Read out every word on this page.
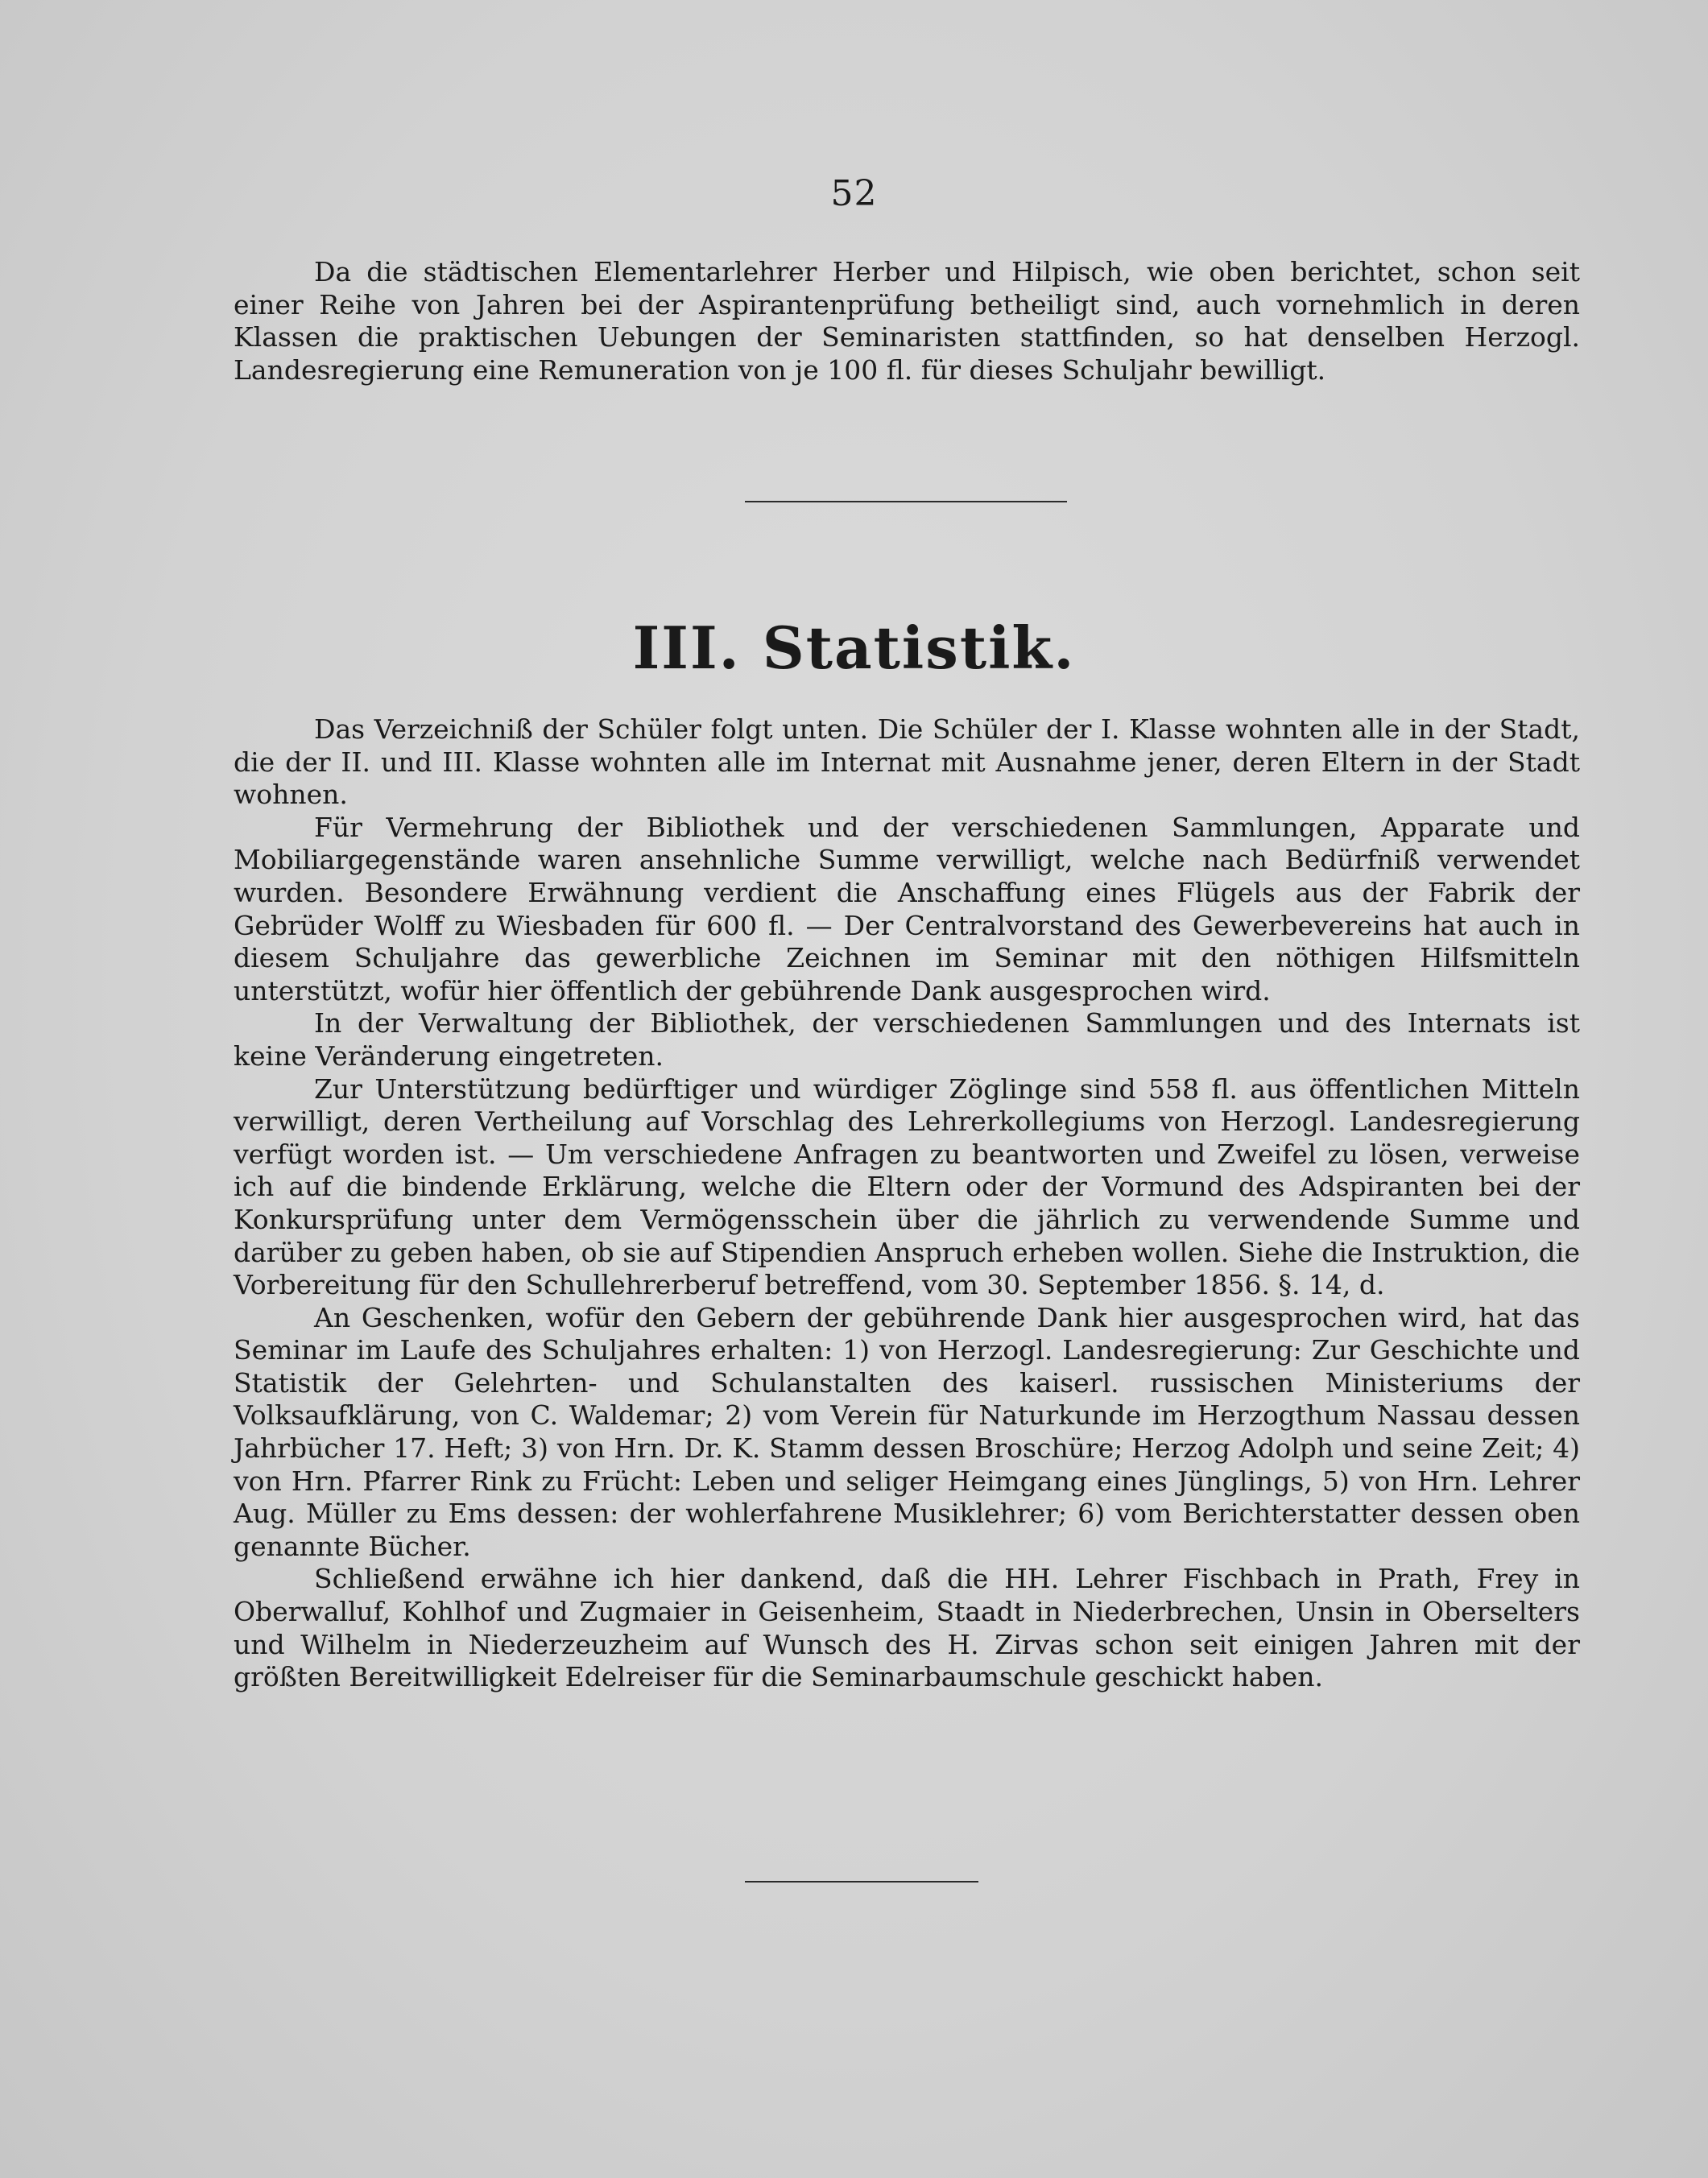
52

Da die städtischen Elementarlehrer Herber und Hilpisch, wie oben berichtet, schon seit einer Reihe von Jahren bei der Aspirantenprüfung betheiligt sind, auch vornehmlich in deren Klassen die praktischen Uebungen der Seminaristen stattfinden, so hat denselben Herzogl. Landesregierung eine Remuneration von je 100 fl. für dieses Schuljahr bewilligt.

III. Statistik.

Das Verzeichniß der Schüler folgt unten. Die Schüler der I. Klasse wohnten alle in der Stadt, die der II. und III. Klasse wohnten alle im Internat mit Ausnahme jener, deren Eltern in der Stadt wohnen.

Für Vermehrung der Bibliothek und der verschiedenen Sammlungen, Apparate und Mobiliargegenstände waren ansehnliche Summe verwilligt, welche nach Bedürfniß verwendet wurden. Besondere Erwähnung verdient die Anschaffung eines Flügels aus der Fabrik der Gebrüder Wolff zu Wiesbaden für 600 fl. — Der Centralvorstand des Gewerbevereins hat auch in diesem Schuljahre das gewerbliche Zeichnen im Seminar mit den nöthigen Hilfsmitteln unterstützt, wofür hier öffentlich der gebührende Dank ausgesprochen wird.

In der Verwaltung der Bibliothek, der verschiedenen Sammlungen und des Internats ist keine Veränderung eingetreten.

Zur Unterstützung bedürftiger und würdiger Zöglinge sind 558 fl. aus öffentlichen Mitteln verwilligt, deren Vertheilung auf Vorschlag des Lehrerkollegiums von Herzogl. Landesregierung verfügt worden ist. — Um verschiedene Anfragen zu beantworten und Zweifel zu lösen, verweise ich auf die bindende Erklärung, welche die Eltern oder der Vormund des Adspiranten bei der Konkursprüfung unter dem Vermögensschein über die jährlich zu verwendende Summe und darüber zu geben haben, ob sie auf Stipendien Anspruch erheben wollen. Siehe die Instruktion, die Vorbereitung für den Schullehrerberuf betreffend, vom 30. September 1856. §. 14, d.

An Geschenken, wofür den Gebern der gebührende Dank hier ausgesprochen wird, hat das Seminar im Laufe des Schuljahres erhalten: 1) von Herzogl. Landesregierung: Zur Geschichte und Statistik der Gelehrten- und Schulanstalten des kaiserl. russischen Ministeriums der Volksaufklärung, von C. Waldemar; 2) vom Verein für Naturkunde im Herzogthum Nassau dessen Jahrbücher 17. Heft; 3) von Hrn. Dr. K. Stamm dessen Broschüre; Herzog Adolph und seine Zeit; 4) von Hrn. Pfarrer Rink zu Frücht: Leben und seliger Heimgang eines Jünglings, 5) von Hrn. Lehrer Aug. Müller zu Ems dessen: der wohlerfahrene Musiklehrer; 6) vom Berichterstatter dessen oben genannte Bücher.

Schließend erwähne ich hier dankend, daß die HH. Lehrer Fischbach in Prath, Frey in Oberwalluf, Kohlhof und Zugmaier in Geisenheim, Staadt in Niederbrechen, Unsin in Oberselters und Wilhelm in Niederzeuzheim auf Wunsch des H. Zirvas schon seit einigen Jahren mit der größten Bereitwilligkeit Edelreiser für die Seminarbaumschule geschickt haben.
